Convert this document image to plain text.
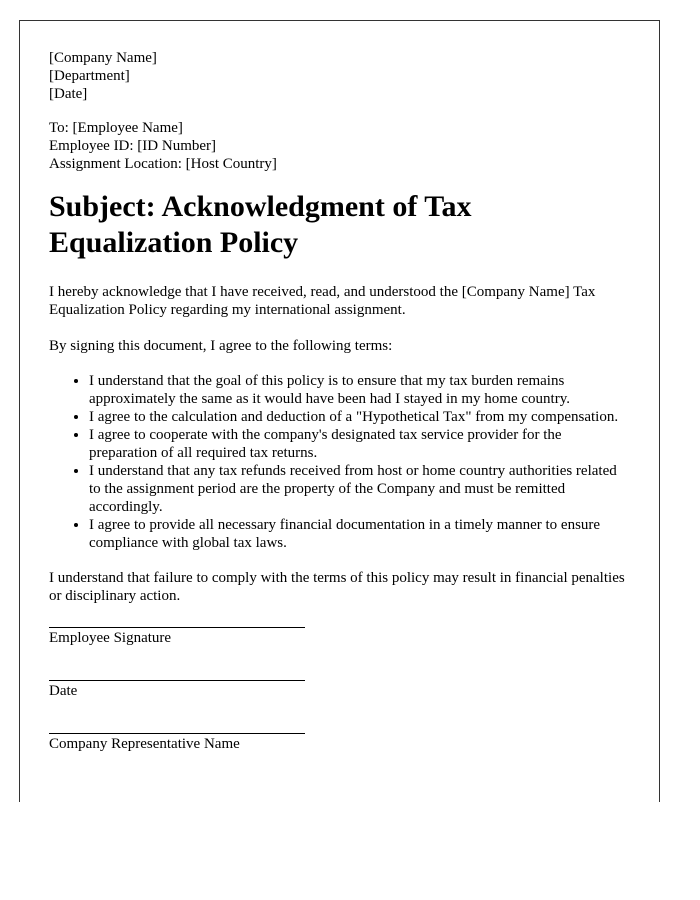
[Company Name]
[Department]
[Date]
To: [Employee Name]
Employee ID: [ID Number]
Assignment Location: [Host Country]
Subject: Acknowledgment of Tax Equalization Policy

I hereby acknowledge that I have received, read, and understood the [Company Name] Tax Equalization Policy regarding my international assignment.

By signing this document, I agree to the following terms:

• I understand that the goal of this policy is to ensure that my tax burden remains approximately the same as it would have been had I stayed in my home country.
• I agree to the calculation and deduction of a "Hypothetical Tax" from my compensation.
• I agree to cooperate with the company's designated tax service provider for the preparation of all required tax returns.
• I understand that any tax refunds received from host or home country authorities related to the assignment period are the property of the Company and must be remitted accordingly.
• I agree to provide all necessary financial documentation in a timely manner to ensure compliance with global tax laws.

I understand that failure to comply with the terms of this policy may result in financial penalties or disciplinary action.

Employee Signature
Date
Company Representative Name
